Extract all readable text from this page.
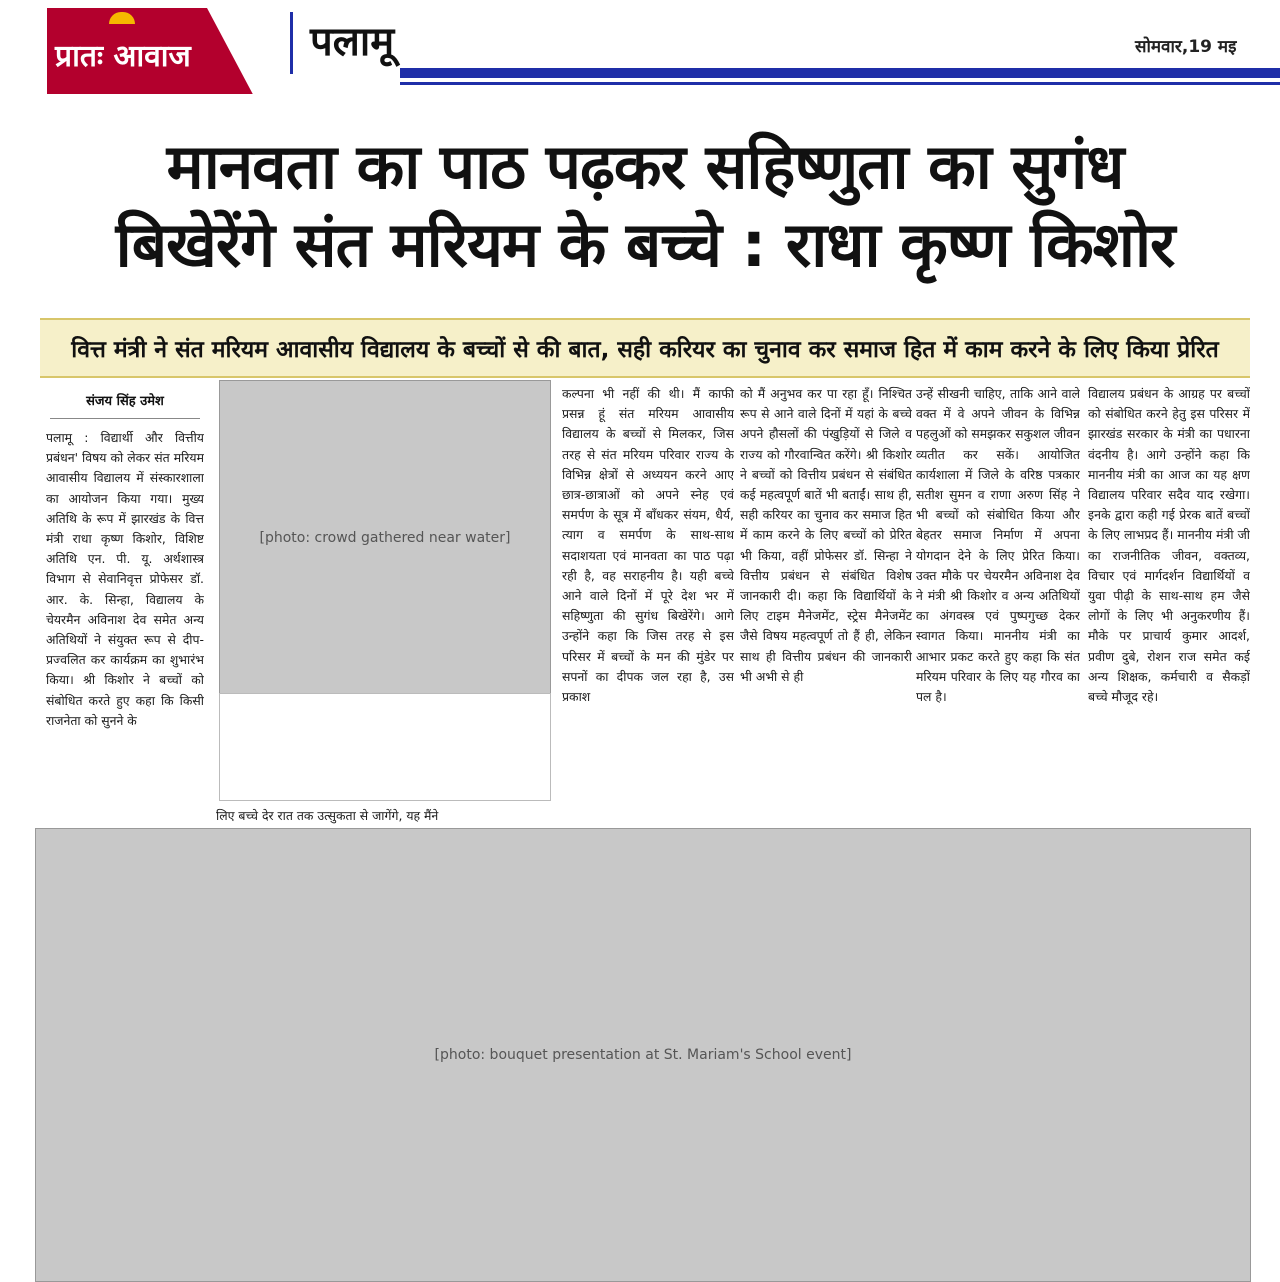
प्रातः आवाज	पलामू	सोमवार,19 मइ
मानवता का पाठ पढ़कर सहिष्णुता का सुगंध
बिखेरेंगे संत मरियम के बच्चे : राधा कृष्ण किशोर
वित्त मंत्री ने संत मरियम आवासीय विद्यालय के बच्चों से की बात, सही करियर का चुनाव कर समाज हित में काम करने के लिए किया प्रेरित
संजय सिंह उमेश
पलामू : विद्यार्थी और वित्तीय प्रबंधन' विषय को लेकर संत मरियम आवासीय विद्यालय में संस्कारशाला का आयोजन किया गया। मुख्य अतिथि के रूप में झारखंड के वित्त मंत्री राधा कृष्ण किशोर, विशिष्ट अतिथि एन. पी. यू. अर्थशास्त्र विभाग से सेवानिवृत्त प्रोफेसर डॉ. आर. के. सिन्हा, विद्यालय के चेयरमैन अविनाश देव समेत अन्य अतिथियों ने संयुक्त रूप से दीप-प्रज्वलित कर कार्यक्रम का शुभारंभ किया। श्री किशोर ने बच्चों को संबोधित करते हुए कहा कि किसी राजनेता को सुनने के
[photo: crowd gathered near water]
लिए बच्चे देर रात तक उत्सुकता से जागेंगे, यह मैंने
कल्पना भी नहीं की थी। मैं काफी प्रसन्न हूं संत मरियम आवासीय विद्यालय के बच्चों से मिलकर, जिस तरह से संत मरियम परिवार राज्य के विभिन्न क्षेत्रों से अध्ययन करने आए छात्र-छात्राओं को अपने स्नेह एवं समर्पण के सूत्र में बाँधकर संयम, धैर्य, त्याग व समर्पण के साथ-साथ सदाशयता एवं मानवता का पाठ पढ़ा रही है, वह सराहनीय है। यही बच्चे आने वाले दिनों में पूरे देश भर में सहिष्णुता की सुगंध बिखेरेंगे। आगे उन्होंने कहा कि जिस तरह से इस परिसर में बच्चों के मन की मुंडेर पर सपनों का दीपक जल रहा है, उस प्रकाश
को मैं अनुभव कर पा रहा हूँ। निश्चित रूप से आने वाले दिनों में यहां के बच्चे अपने हौसलों की पंखुड़ियों से जिले व राज्य को गौरवान्वित करेंगे। श्री किशोर ने बच्चों को वित्तीय प्रबंधन से संबंधित कई महत्वपूर्ण बातें भी बताईं। साथ ही, सही करियर का चुनाव कर समाज हित में काम करने के लिए बच्चों को प्रेरित भी किया, वहीं प्रोफेसर डॉ. सिन्हा ने वित्तीय प्रबंधन से संबंधित विशेष जानकारी दी। कहा कि विद्यार्थियों के लिए टाइम मैनेजमेंट, स्ट्रेस मैनेजमेंट जैसे विषय महत्वपूर्ण तो हैं ही, लेकिन साथ ही वित्तीय प्रबंधन की जानकारी भी अभी से ही
उन्हें सीखनी चाहिए, ताकि आने वाले वक्त में वे अपने जीवन के विभिन्न पहलुओं को समझकर सकुशल जीवन व्यतीत कर सकें। आयोजित कार्यशाला में जिले के वरिष्ठ पत्रकार सतीश सुमन व राणा अरुण सिंह ने भी बच्चों को संबोधित किया और बेहतर समाज निर्माण में अपना योगदान देने के लिए प्रेरित किया। उक्त मौके पर चेयरमैन अविनाश देव ने मंत्री श्री किशोर व अन्य अतिथियों का अंगवस्त्र एवं पुष्पगुच्छ देकर स्वागत किया। माननीय मंत्री का आभार प्रकट करते हुए कहा कि संत मरियम परिवार के लिए यह गौरव का पल है।
विद्यालय प्रबंधन के आग्रह पर बच्चों को संबोधित करने हेतु इस परिसर में झारखंड सरकार के मंत्री का पधारना वंदनीय है। आगे उन्होंने कहा कि माननीय मंत्री का आज का यह क्षण विद्यालय परिवार सदैव याद रखेगा। इनके द्वारा कही गई प्रेरक बातें बच्चों के लिए लाभप्रद हैं। माननीय मंत्री जी का राजनीतिक जीवन, वक्तव्य, विचार एवं मार्गदर्शन विद्यार्थियों व युवा पीढ़ी के साथ-साथ हम जैसे लोगों के लिए भी अनुकरणीय हैं। मौके पर प्राचार्य कुमार आदर्श, प्रवीण दुबे, रोशन राज समेत कई अन्य शिक्षक, कर्मचारी व सैकड़ों बच्चे मौजूद रहे।
[photo: bouquet presentation at St. Mariam's School event]
